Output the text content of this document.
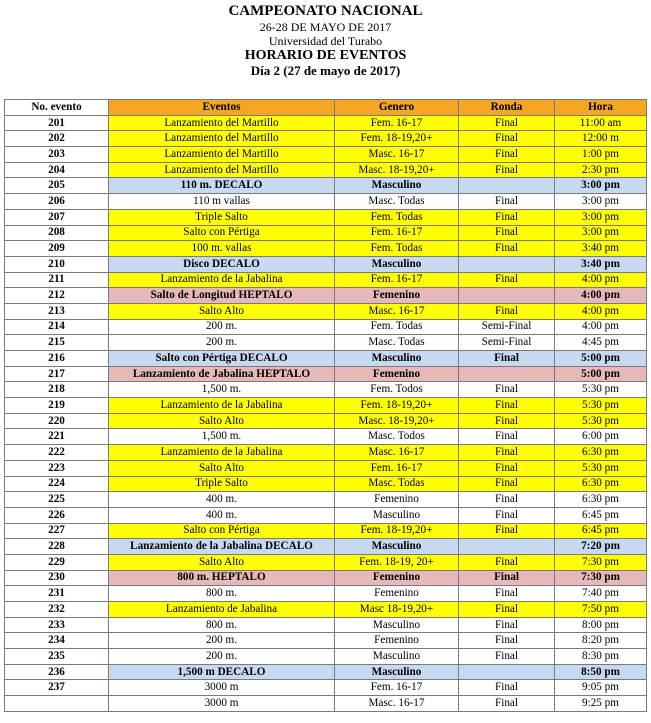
CAMPEONATO NACIONAL
26-28 DE MAYO DE 2017
Universidad del Turabo
HORARIO DE EVENTOS
Día 2 (27 de mayo de 2017)
No. evento	Eventos	Genero	Ronda	Hora
201	Lanzamiento del Martillo	Fem. 16-17	Final	11:00 am
202	Lanzamiento del Martillo	Fem. 18-19,20+	Final	12:00 m
203	Lanzamiento del Martillo	Masc. 16-17	Final	1:00 pm
204	Lanzamiento del Martillo	Masc. 18-19,20+	Final	2:30 pm
205	110 m. DECALO	Masculino		3:00 pm
206	110 m vallas	Masc. Todas	Final	3:00 pm
207	Triple Salto	Fem. Todas	Final	3:00 pm
208	Salto con Pértiga	Fem. 16-17	Final	3:00 pm
209	100 m. vallas	Fem. Todas	Final	3:40 pm
210	Disco DECALO	Masculino		3:40 pm
211	Lanzamiento de la Jabalina	Fem. 16-17	Final	4:00 pm
212	Salto de Longitud HEPTALO	Femenino		4:00 pm
213	Salto Alto	Masc. 16-17	Final	4:00 pm
214	200 m.	Fem. Todas	Semi-Final	4:00 pm
215	200 m.	Masc. Todas	Semi-Final	4:45 pm
216	Salto con Pértiga DECALO	Masculino	Final	5:00 pm
217	Lanzamiento de Jabalina HEPTALO	Femenino		5:00 pm
218	1,500 m.	Fem. Todos	Final	5:30 pm
219	Lanzamiento de la Jabalina	Fem. 18-19,20+	Final	5:30 pm
220	Salto Alto	Masc. 18-19,20+	Final	5:30 pm
221	1,500 m.	Masc. Todos	Final	6:00 pm
222	Lanzamiento de la Jabalina	Masc. 16-17	Final	6:30 pm
223	Salto Alto	Fem. 16-17	Final	5:30 pm
224	Triple Salto	Masc. Todas	Final	6:30 pm
225	400 m.	Femenino	Final	6:30 pm
226	400 m.	Masculino	Final	6:45 pm
227	Salto con Pértiga	Fem. 18-19,20+	Final	6:45 pm
228	Lanzamiento de la Jabalina DECALO	Masculino		7:20 pm
229	Salto Alto	Fem. 18-19, 20+	Final	7:30 pm
230	800 m. HEPTALO	Femenino	Final	7:30 pm
231	800 m.	Femenino	Final	7:40 pm
232	Lanzamiento de Jabalina	Masc 18-19,20+	Final	7:50 pm
233	800 m.	Masculino	Final	8:00 pm
234	200 m.	Femenino	Final	8:20 pm
235	200 m.	Masculino	Final	8:30 pm
236	1,500 m DECALO	Masculino		8:50 pm
237	3000 m	Fem. 16-17	Final	9:05 pm
	3000 m	Masc. 16-17	Final	9:25 pm
